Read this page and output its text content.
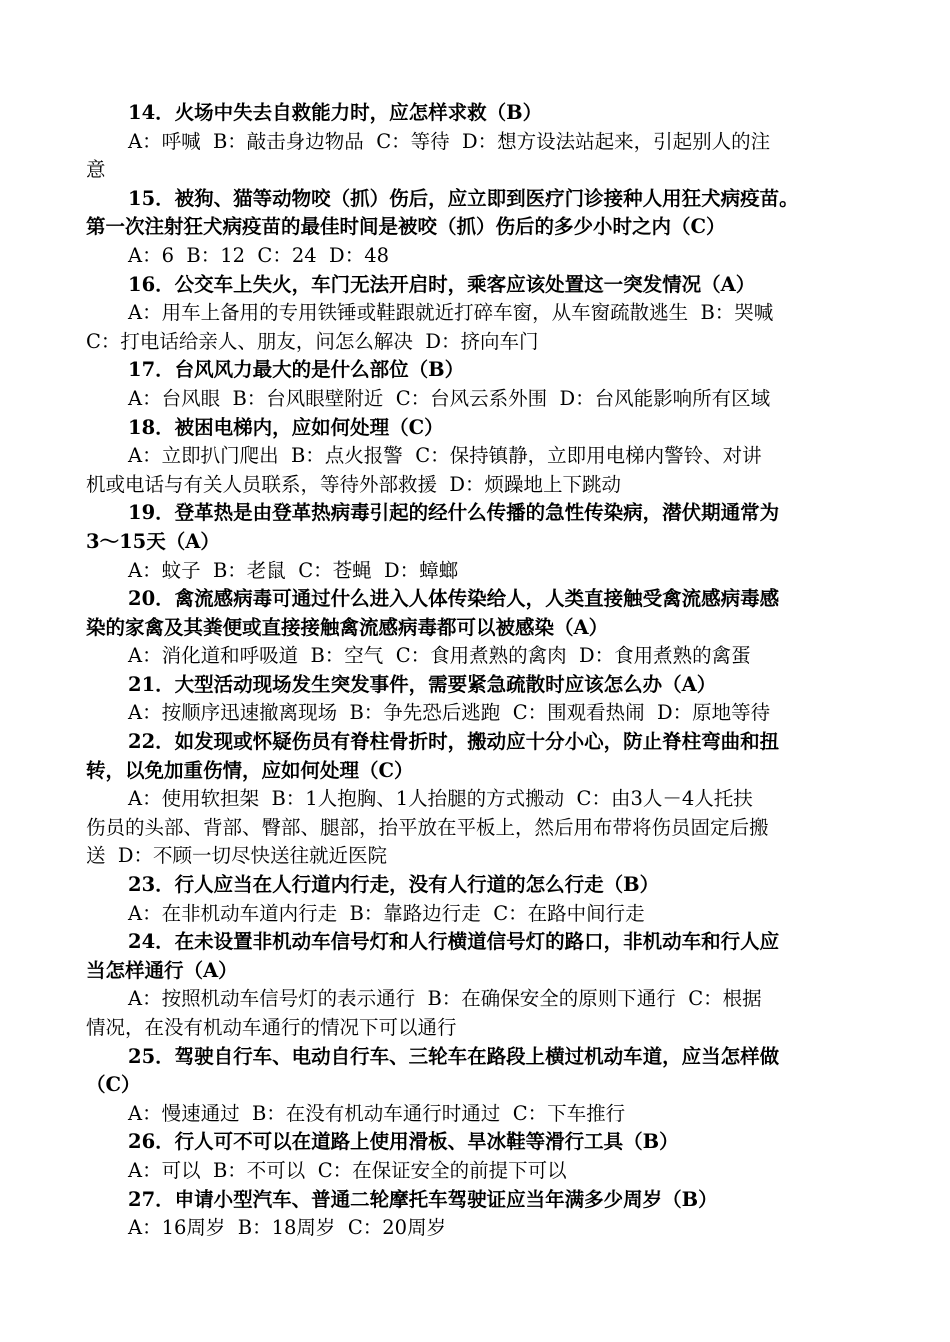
14．火场中失去自救能力时，应怎样求救（B）
A：呼喊  B：敲击身边物品  C：等待  D：想方设法站起来，引起别人的注
意
15．被狗、猫等动物咬（抓）伤后，应立即到医疗门诊接种人用狂犬病疫苗。
第一次注射狂犬病疫苗的最佳时间是被咬（抓）伤后的多少小时之内（C）
A：6  B：12  C：24  D：48
16．公交车上失火，车门无法开启时，乘客应该处置这一突发情况（A）
A：用车上备用的专用铁锤或鞋跟就近打碎车窗，从车窗疏散逃生  B：哭喊
C：打电话给亲人、朋友，问怎么解决  D：挤向车门
17．台风风力最大的是什么部位（B）
A：台风眼  B：台风眼壁附近  C：台风云系外围  D：台风能影响所有区域
18．被困电梯内，应如何处理（C）
A：立即扒门爬出  B：点火报警  C：保持镇静，立即用电梯内警铃、对讲
机或电话与有关人员联系，等待外部救援  D：烦躁地上下跳动
19．登革热是由登革热病毒引起的经什么传播的急性传染病，潜伏期通常为
3～15天（A）
A：蚊子  B：老鼠  C：苍蝇  D：蟑螂
20．禽流感病毒可通过什么进入人体传染给人，人类直接触受禽流感病毒感
染的家禽及其粪便或直接接触禽流感病毒都可以被感染（A）
A：消化道和呼吸道  B：空气  C：食用煮熟的禽肉  D：食用煮熟的禽蛋
21．大型活动现场发生突发事件，需要紧急疏散时应该怎么办（A）
A：按顺序迅速撤离现场  B：争先恐后逃跑  C：围观看热闹  D：原地等待
22．如发现或怀疑伤员有脊柱骨折时，搬动应十分小心，防止脊柱弯曲和扭
转，以免加重伤情，应如何处理（C）
A：使用软担架  B：1人抱胸、1人抬腿的方式搬动  C：由3人－4人托扶
伤员的头部、背部、臀部、腿部，抬平放在平板上，然后用布带将伤员固定后搬
送  D：不顾一切尽快送往就近医院
23．行人应当在人行道内行走，没有人行道的怎么行走（B）
A：在非机动车道内行走  B：靠路边行走  C：在路中间行走
24．在未设置非机动车信号灯和人行横道信号灯的路口，非机动车和行人应
当怎样通行（A）
A：按照机动车信号灯的表示通行  B：在确保安全的原则下通行  C：根据
情况，在没有机动车通行的情况下可以通行
25．驾驶自行车、电动自行车、三轮车在路段上横过机动车道，应当怎样做
（C）
A：慢速通过  B：在没有机动车通行时通过  C：下车推行
26．行人可不可以在道路上使用滑板、旱冰鞋等滑行工具（B）
A：可以  B：不可以  C：在保证安全的前提下可以
27．申请小型汽车、普通二轮摩托车驾驶证应当年满多少周岁（B）
A：16周岁  B：18周岁  C：20周岁
